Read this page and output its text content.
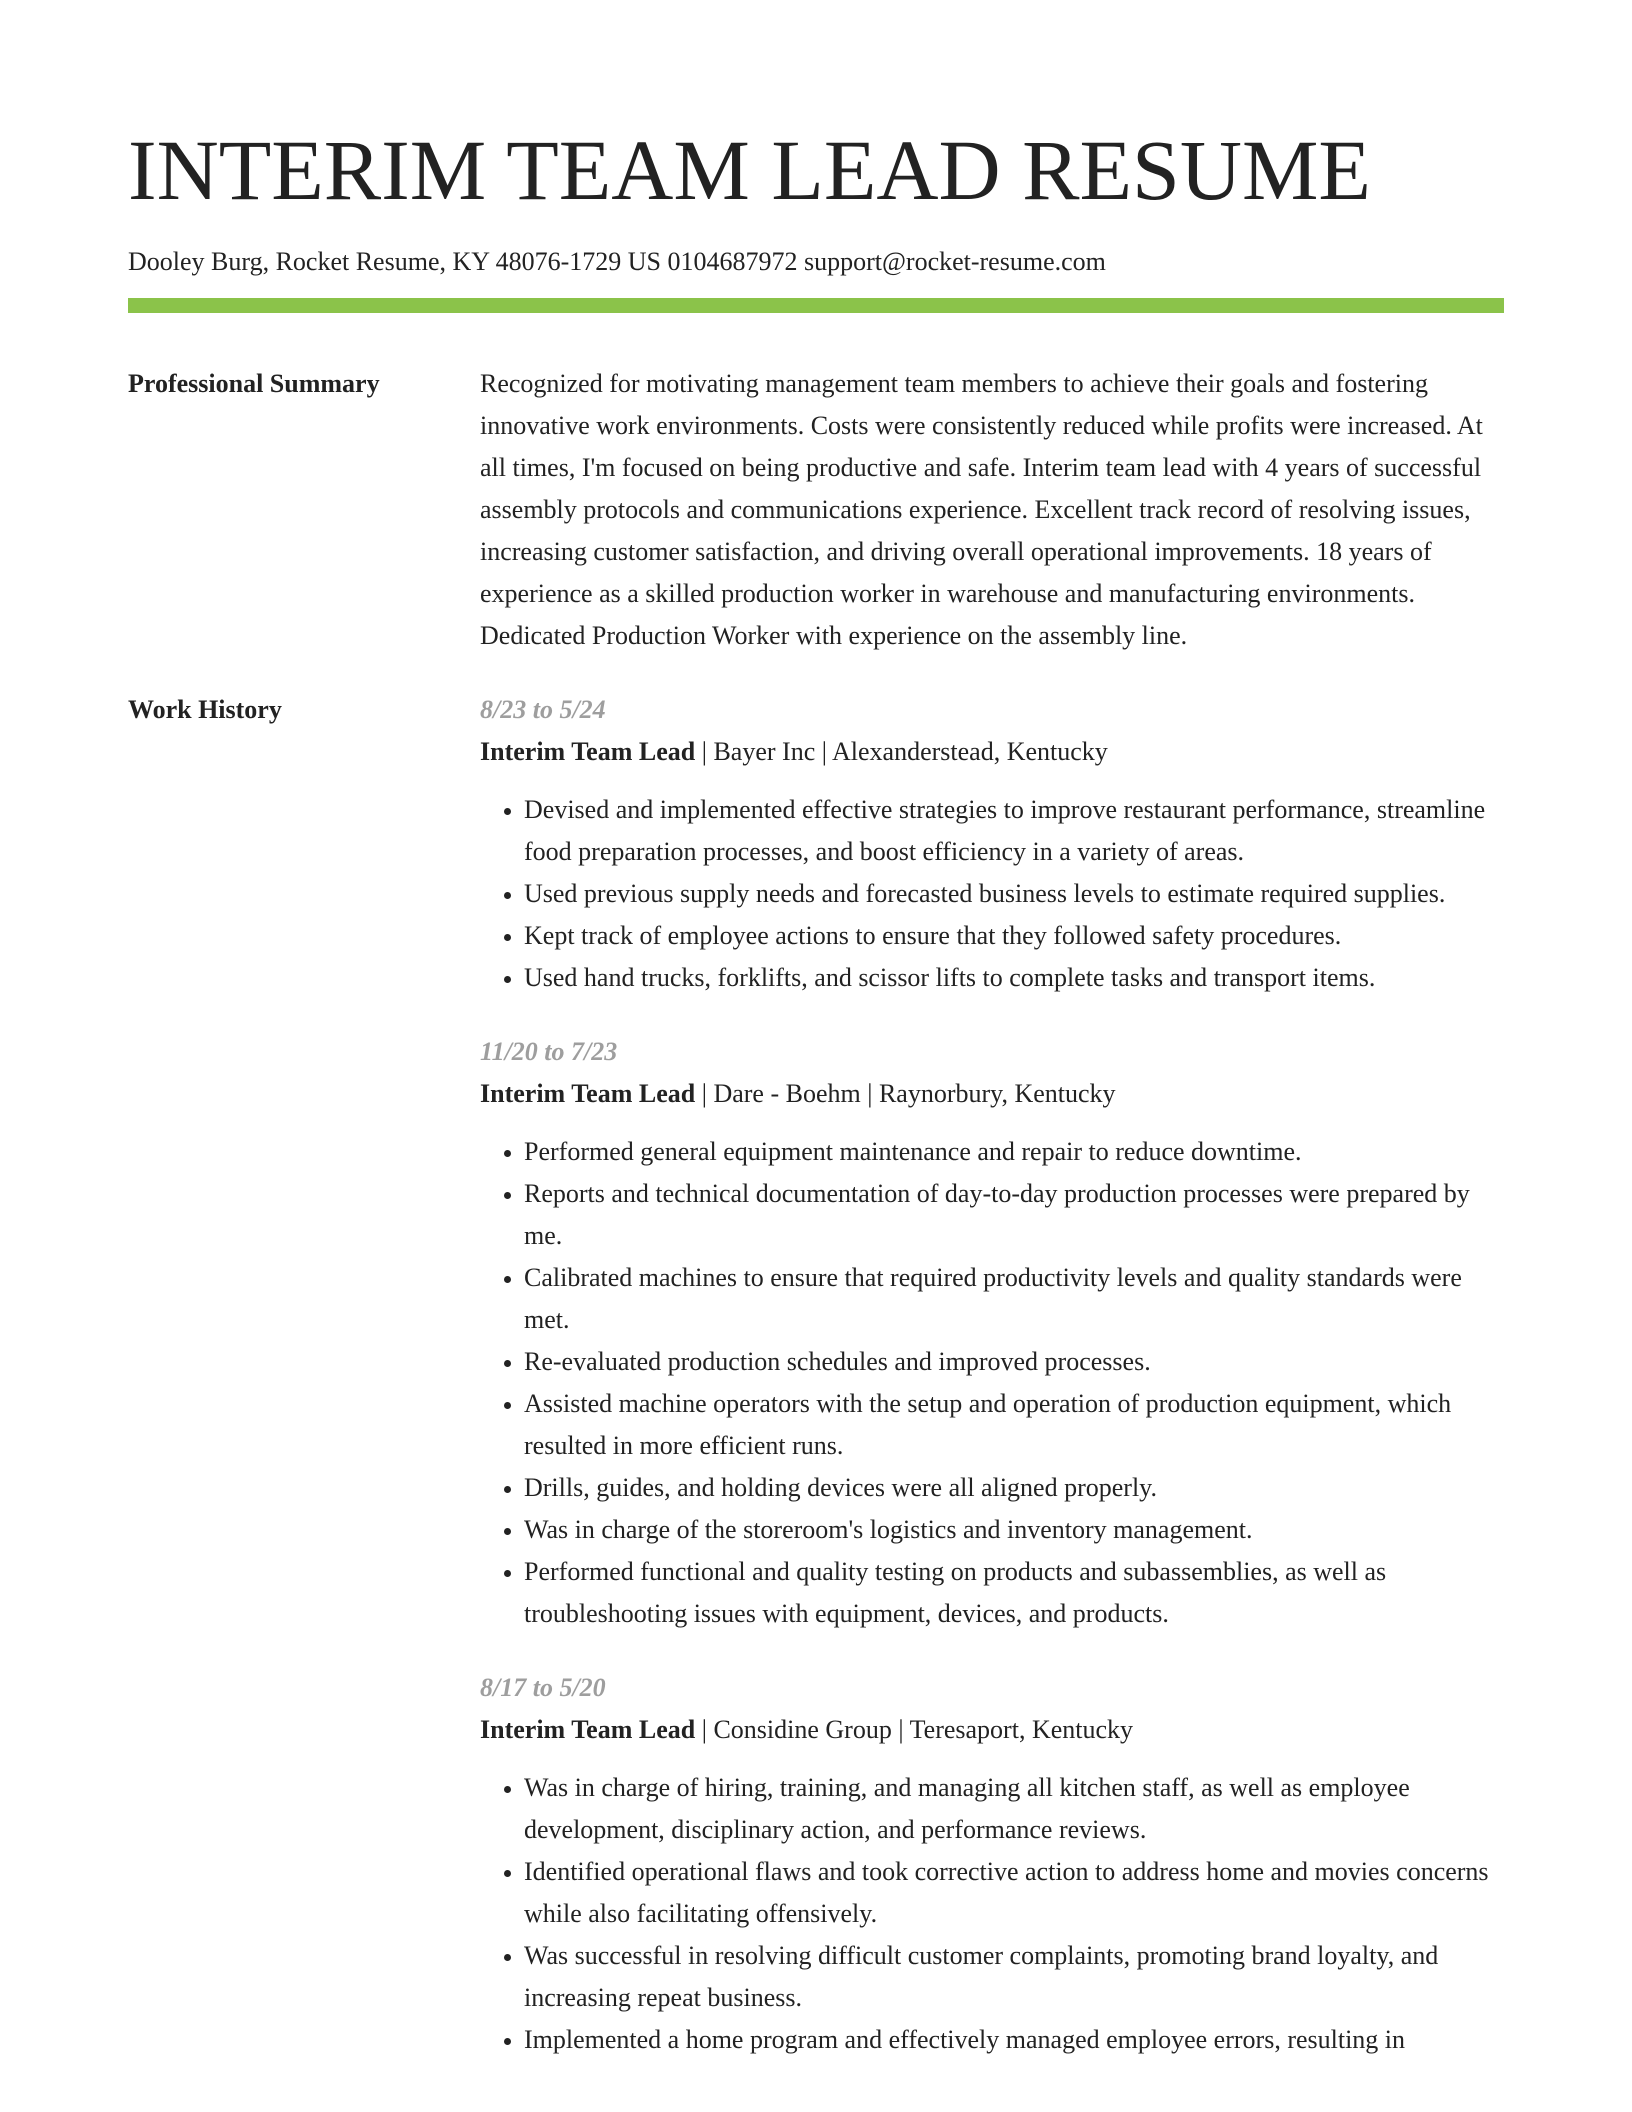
INTERIM TEAM LEAD RESUME
Dooley Burg, Rocket Resume, KY 48076-1729 US 0104687972 support@rocket-resume.com
Professional Summary	Recognized for motivating management team members to achieve their goals and fostering innovative work environments. Costs were consistently reduced while profits were increased. At all times, I'm focused on being productive and safe. Interim team lead with 4 years of successful assembly protocols and communications experience. Excellent track record of resolving issues, increasing customer satisfaction, and driving overall operational improvements. 18 years of experience as a skilled production worker in warehouse and manufacturing environments. Dedicated Production Worker with experience on the assembly line.
Work History	8/23 to 5/24
Interim Team Lead | Bayer Inc | Alexanderstead, Kentucky
• Devised and implemented effective strategies to improve restaurant performance, streamline food preparation processes, and boost efficiency in a variety of areas.
• Used previous supply needs and forecasted business levels to estimate required supplies.
• Kept track of employee actions to ensure that they followed safety procedures.
• Used hand trucks, forklifts, and scissor lifts to complete tasks and transport items.
11/20 to 7/23
Interim Team Lead | Dare - Boehm | Raynorbury, Kentucky
• Performed general equipment maintenance and repair to reduce downtime.
• Reports and technical documentation of day-to-day production processes were prepared by me.
• Calibrated machines to ensure that required productivity levels and quality standards were met.
• Re-evaluated production schedules and improved processes.
• Assisted machine operators with the setup and operation of production equipment, which resulted in more efficient runs.
• Drills, guides, and holding devices were all aligned properly.
• Was in charge of the storeroom's logistics and inventory management.
• Performed functional and quality testing on products and subassemblies, as well as troubleshooting issues with equipment, devices, and products.
8/17 to 5/20
Interim Team Lead | Considine Group | Teresaport, Kentucky
• Was in charge of hiring, training, and managing all kitchen staff, as well as employee development, disciplinary action, and performance reviews.
• Identified operational flaws and took corrective action to address home and movies concerns while also facilitating offensively.
• Was successful in resolving difficult customer complaints, promoting brand loyalty, and increasing repeat business.
• Implemented a home program and effectively managed employee errors, resulting in
